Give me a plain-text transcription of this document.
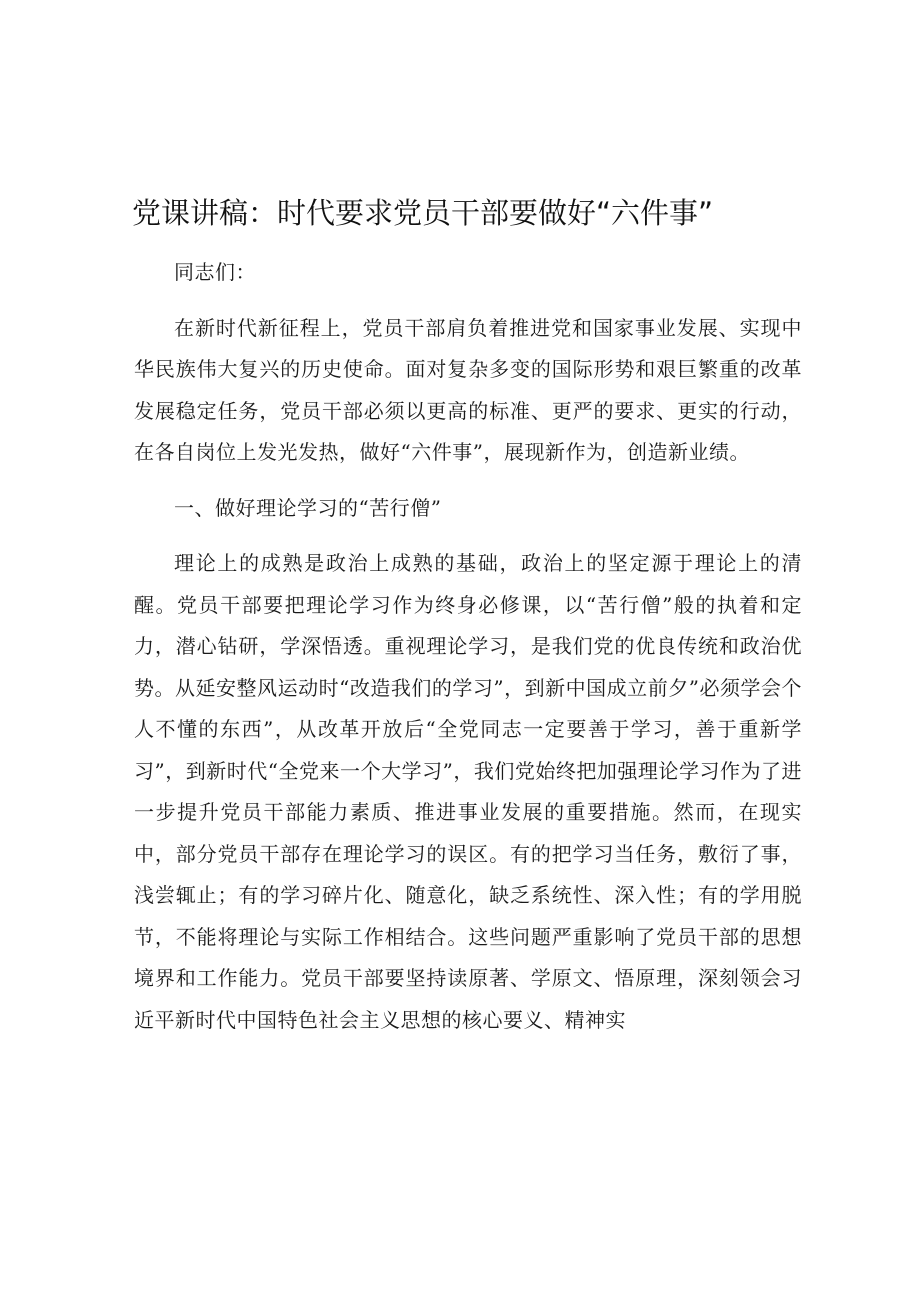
党课讲稿：时代要求党员干部要做好“六件事”

同志们：

在新时代新征程上，党员干部肩负着推进党和国家事业发展、实现中华民族伟大复兴的历史使命。面对复杂多变的国际形势和艰巨繁重的改革发展稳定任务，党员干部必须以更高的标准、更严的要求、更实的行动，在各自岗位上发光发热，做好“六件事”，展现新作为，创造新业绩。

一、做好理论学习的“苦行僧”

理论上的成熟是政治上成熟的基础，政治上的坚定源于理论上的清醒。党员干部要把理论学习作为终身必修课，以“苦行僧”般的执着和定力，潜心钻研，学深悟透。重视理论学习，是我们党的优良传统和政治优势。从延安整风运动时“改造我们的学习”，到新中国成立前夕”必须学会个人不懂的东西”，从改革开放后“全党同志一定要善于学习，善于重新学习”，到新时代“全党来一个大学习”，我们党始终把加强理论学习作为了进一步提升党员干部能力素质、推进事业发展的重要措施。然而，在现实中，部分党员干部存在理论学习的误区。有的把学习当任务，敷衍了事，浅尝辄止；有的学习碎片化、随意化，缺乏系统性、深入性；有的学用脱节，不能将理论与实际工作相结合。这些问题严重影响了党员干部的思想境界和工作能力。党员干部要坚持读原著、学原文、悟原理，深刻领会习近平新时代中国特色社会主义思想的核心要义、精神实
